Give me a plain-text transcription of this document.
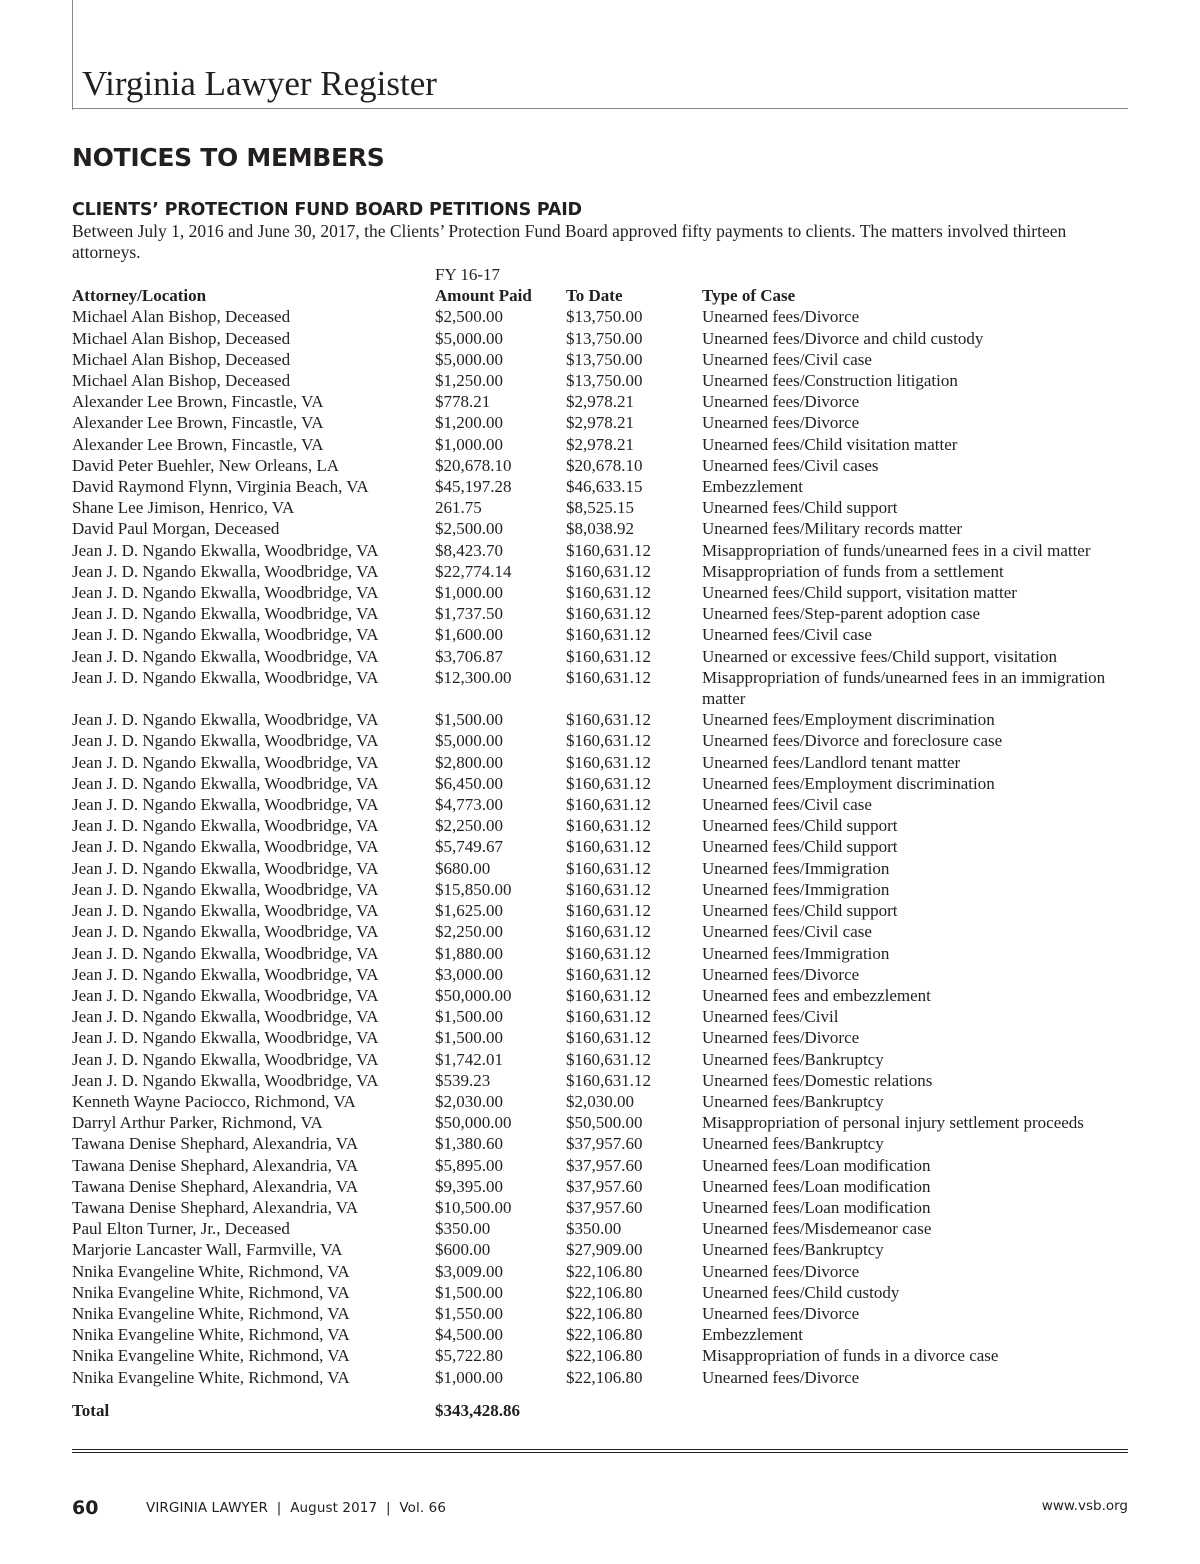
Virginia Lawyer Register
NOTICES TO MEMBERS
CLIENTS’ PROTECTION FUND BOARD PETITIONS PAID

Between July 1, 2016 and June 30, 2017, the Clients’ Protection Fund Board approved fifty payments to clients. The matters involved thirteen attorneys.

FY 16-17
Attorney/Location	Amount Paid	To Date	Type of Case
Michael Alan Bishop, Deceased	$2,500.00	$13,750.00	Unearned fees/Divorce
Michael Alan Bishop, Deceased	$5,000.00	$13,750.00	Unearned fees/Divorce and child custody
Michael Alan Bishop, Deceased	$5,000.00	$13,750.00	Unearned fees/Civil case
Michael Alan Bishop, Deceased	$1,250.00	$13,750.00	Unearned fees/Construction litigation
Alexander Lee Brown, Fincastle, VA	$778.21	$2,978.21	Unearned fees/Divorce
Alexander Lee Brown, Fincastle, VA	$1,200.00	$2,978.21	Unearned fees/Divorce
Alexander Lee Brown, Fincastle, VA	$1,000.00	$2,978.21	Unearned fees/Child visitation matter
David Peter Buehler, New Orleans, LA	$20,678.10	$20,678.10	Unearned fees/Civil cases
David Raymond Flynn, Virginia Beach, VA	$45,197.28	$46,633.15	Embezzlement
Shane Lee Jimison, Henrico, VA	261.75	$8,525.15	Unearned fees/Child support
David Paul Morgan, Deceased	$2,500.00	$8,038.92	Unearned fees/Military records matter
Jean J. D. Ngando Ekwalla, Woodbridge, VA	$8,423.70	$160,631.12	Misappropriation of funds/unearned fees in a civil matter
Jean J. D. Ngando Ekwalla, Woodbridge, VA	$22,774.14	$160,631.12	Misappropriation of funds from a settlement
Jean J. D. Ngando Ekwalla, Woodbridge, VA	$1,000.00	$160,631.12	Unearned fees/Child support, visitation matter
Jean J. D. Ngando Ekwalla, Woodbridge, VA	$1,737.50	$160,631.12	Unearned fees/Step-parent adoption case
Jean J. D. Ngando Ekwalla, Woodbridge, VA	$1,600.00	$160,631.12	Unearned fees/Civil case
Jean J. D. Ngando Ekwalla, Woodbridge, VA	$3,706.87	$160,631.12	Unearned or excessive fees/Child support, visitation
Jean J. D. Ngando Ekwalla, Woodbridge, VA	$12,300.00	$160,631.12	Misappropriation of funds/unearned fees in an immigration matter
Jean J. D. Ngando Ekwalla, Woodbridge, VA	$1,500.00	$160,631.12	Unearned fees/Employment discrimination
Jean J. D. Ngando Ekwalla, Woodbridge, VA	$5,000.00	$160,631.12	Unearned fees/Divorce and foreclosure case
Jean J. D. Ngando Ekwalla, Woodbridge, VA	$2,800.00	$160,631.12	Unearned fees/Landlord tenant matter
Jean J. D. Ngando Ekwalla, Woodbridge, VA	$6,450.00	$160,631.12	Unearned fees/Employment discrimination
Jean J. D. Ngando Ekwalla, Woodbridge, VA	$4,773.00	$160,631.12	Unearned fees/Civil case
Jean J. D. Ngando Ekwalla, Woodbridge, VA	$2,250.00	$160,631.12	Unearned fees/Child support
Jean J. D. Ngando Ekwalla, Woodbridge, VA	$5,749.67	$160,631.12	Unearned fees/Child support
Jean J. D. Ngando Ekwalla, Woodbridge, VA	$680.00	$160,631.12	Unearned fees/Immigration
Jean J. D. Ngando Ekwalla, Woodbridge, VA	$15,850.00	$160,631.12	Unearned fees/Immigration
Jean J. D. Ngando Ekwalla, Woodbridge, VA	$1,625.00	$160,631.12	Unearned fees/Child support
Jean J. D. Ngando Ekwalla, Woodbridge, VA	$2,250.00	$160,631.12	Unearned fees/Civil case
Jean J. D. Ngando Ekwalla, Woodbridge, VA	$1,880.00	$160,631.12	Unearned fees/Immigration
Jean J. D. Ngando Ekwalla, Woodbridge, VA	$3,000.00	$160,631.12	Unearned fees/Divorce
Jean J. D. Ngando Ekwalla, Woodbridge, VA	$50,000.00	$160,631.12	Unearned fees and embezzlement
Jean J. D. Ngando Ekwalla, Woodbridge, VA	$1,500.00	$160,631.12	Unearned fees/Civil
Jean J. D. Ngando Ekwalla, Woodbridge, VA	$1,500.00	$160,631.12	Unearned fees/Divorce
Jean J. D. Ngando Ekwalla, Woodbridge, VA	$1,742.01	$160,631.12	Unearned fees/Bankruptcy
Jean J. D. Ngando Ekwalla, Woodbridge, VA	$539.23	$160,631.12	Unearned fees/Domestic relations
Kenneth Wayne Paciocco, Richmond, VA	$2,030.00	$2,030.00	Unearned fees/Bankruptcy
Darryl Arthur Parker, Richmond, VA	$50,000.00	$50,500.00	Misappropriation of personal injury settlement proceeds
Tawana Denise Shephard, Alexandria, VA	$1,380.60	$37,957.60	Unearned fees/Bankruptcy
Tawana Denise Shephard, Alexandria, VA	$5,895.00	$37,957.60	Unearned fees/Loan modification
Tawana Denise Shephard, Alexandria, VA	$9,395.00	$37,957.60	Unearned fees/Loan modification
Tawana Denise Shephard, Alexandria, VA	$10,500.00	$37,957.60	Unearned fees/Loan modification
Paul Elton Turner, Jr., Deceased	$350.00	$350.00	Unearned fees/Misdemeanor case
Marjorie Lancaster Wall, Farmville, VA	$600.00	$27,909.00	Unearned fees/Bankruptcy
Nnika Evangeline White, Richmond, VA	$3,009.00	$22,106.80	Unearned fees/Divorce
Nnika Evangeline White, Richmond, VA	$1,500.00	$22,106.80	Unearned fees/Child custody
Nnika Evangeline White, Richmond, VA	$1,550.00	$22,106.80	Unearned fees/Divorce
Nnika Evangeline White, Richmond, VA	$4,500.00	$22,106.80	Embezzlement
Nnika Evangeline White, Richmond, VA	$5,722.80	$22,106.80	Misappropriation of funds in a divorce case
Nnika Evangeline White, Richmond, VA	$1,000.00	$22,106.80	Unearned fees/Divorce
Total	$343,428.86
60	VIRGINIA LAWYER  |  August 2017  |  Vol. 66	www.vsb.org
